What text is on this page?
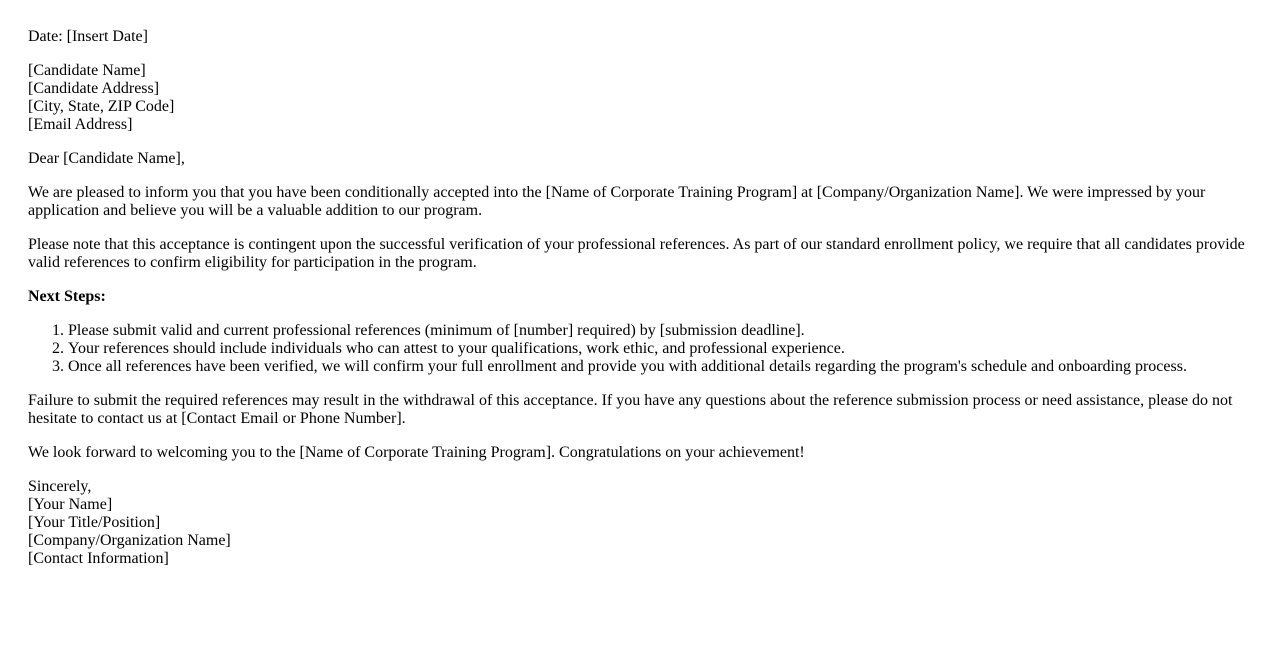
Date: [Insert Date]
[Candidate Name]
[Candidate Address]
[City, State, ZIP Code]
[Email Address]
Dear [Candidate Name],

We are pleased to inform you that you have been conditionally accepted into the [Name of Corporate Training Program] at [Company/Organization Name]. We were impressed by your application and believe you will be a valuable addition to our program.

Please note that this acceptance is contingent upon the successful verification of your professional references. As part of our standard enrollment policy, we require that all candidates provide valid references to confirm eligibility for participation in the program.

Next Steps:
1. Please submit valid and current professional references (minimum of [number] required) by [submission deadline].
2. Your references should include individuals who can attest to your qualifications, work ethic, and professional experience.
3. Once all references have been verified, we will confirm your full enrollment and provide you with additional details regarding the program's schedule and onboarding process.

Failure to submit the required references may result in the withdrawal of this acceptance. If you have any questions about the reference submission process or need assistance, please do not hesitate to contact us at [Contact Email or Phone Number].

We look forward to welcoming you to the [Name of Corporate Training Program]. Congratulations on your achievement!

Sincerely,
[Your Name]
[Your Title/Position]
[Company/Organization Name]
[Contact Information]
